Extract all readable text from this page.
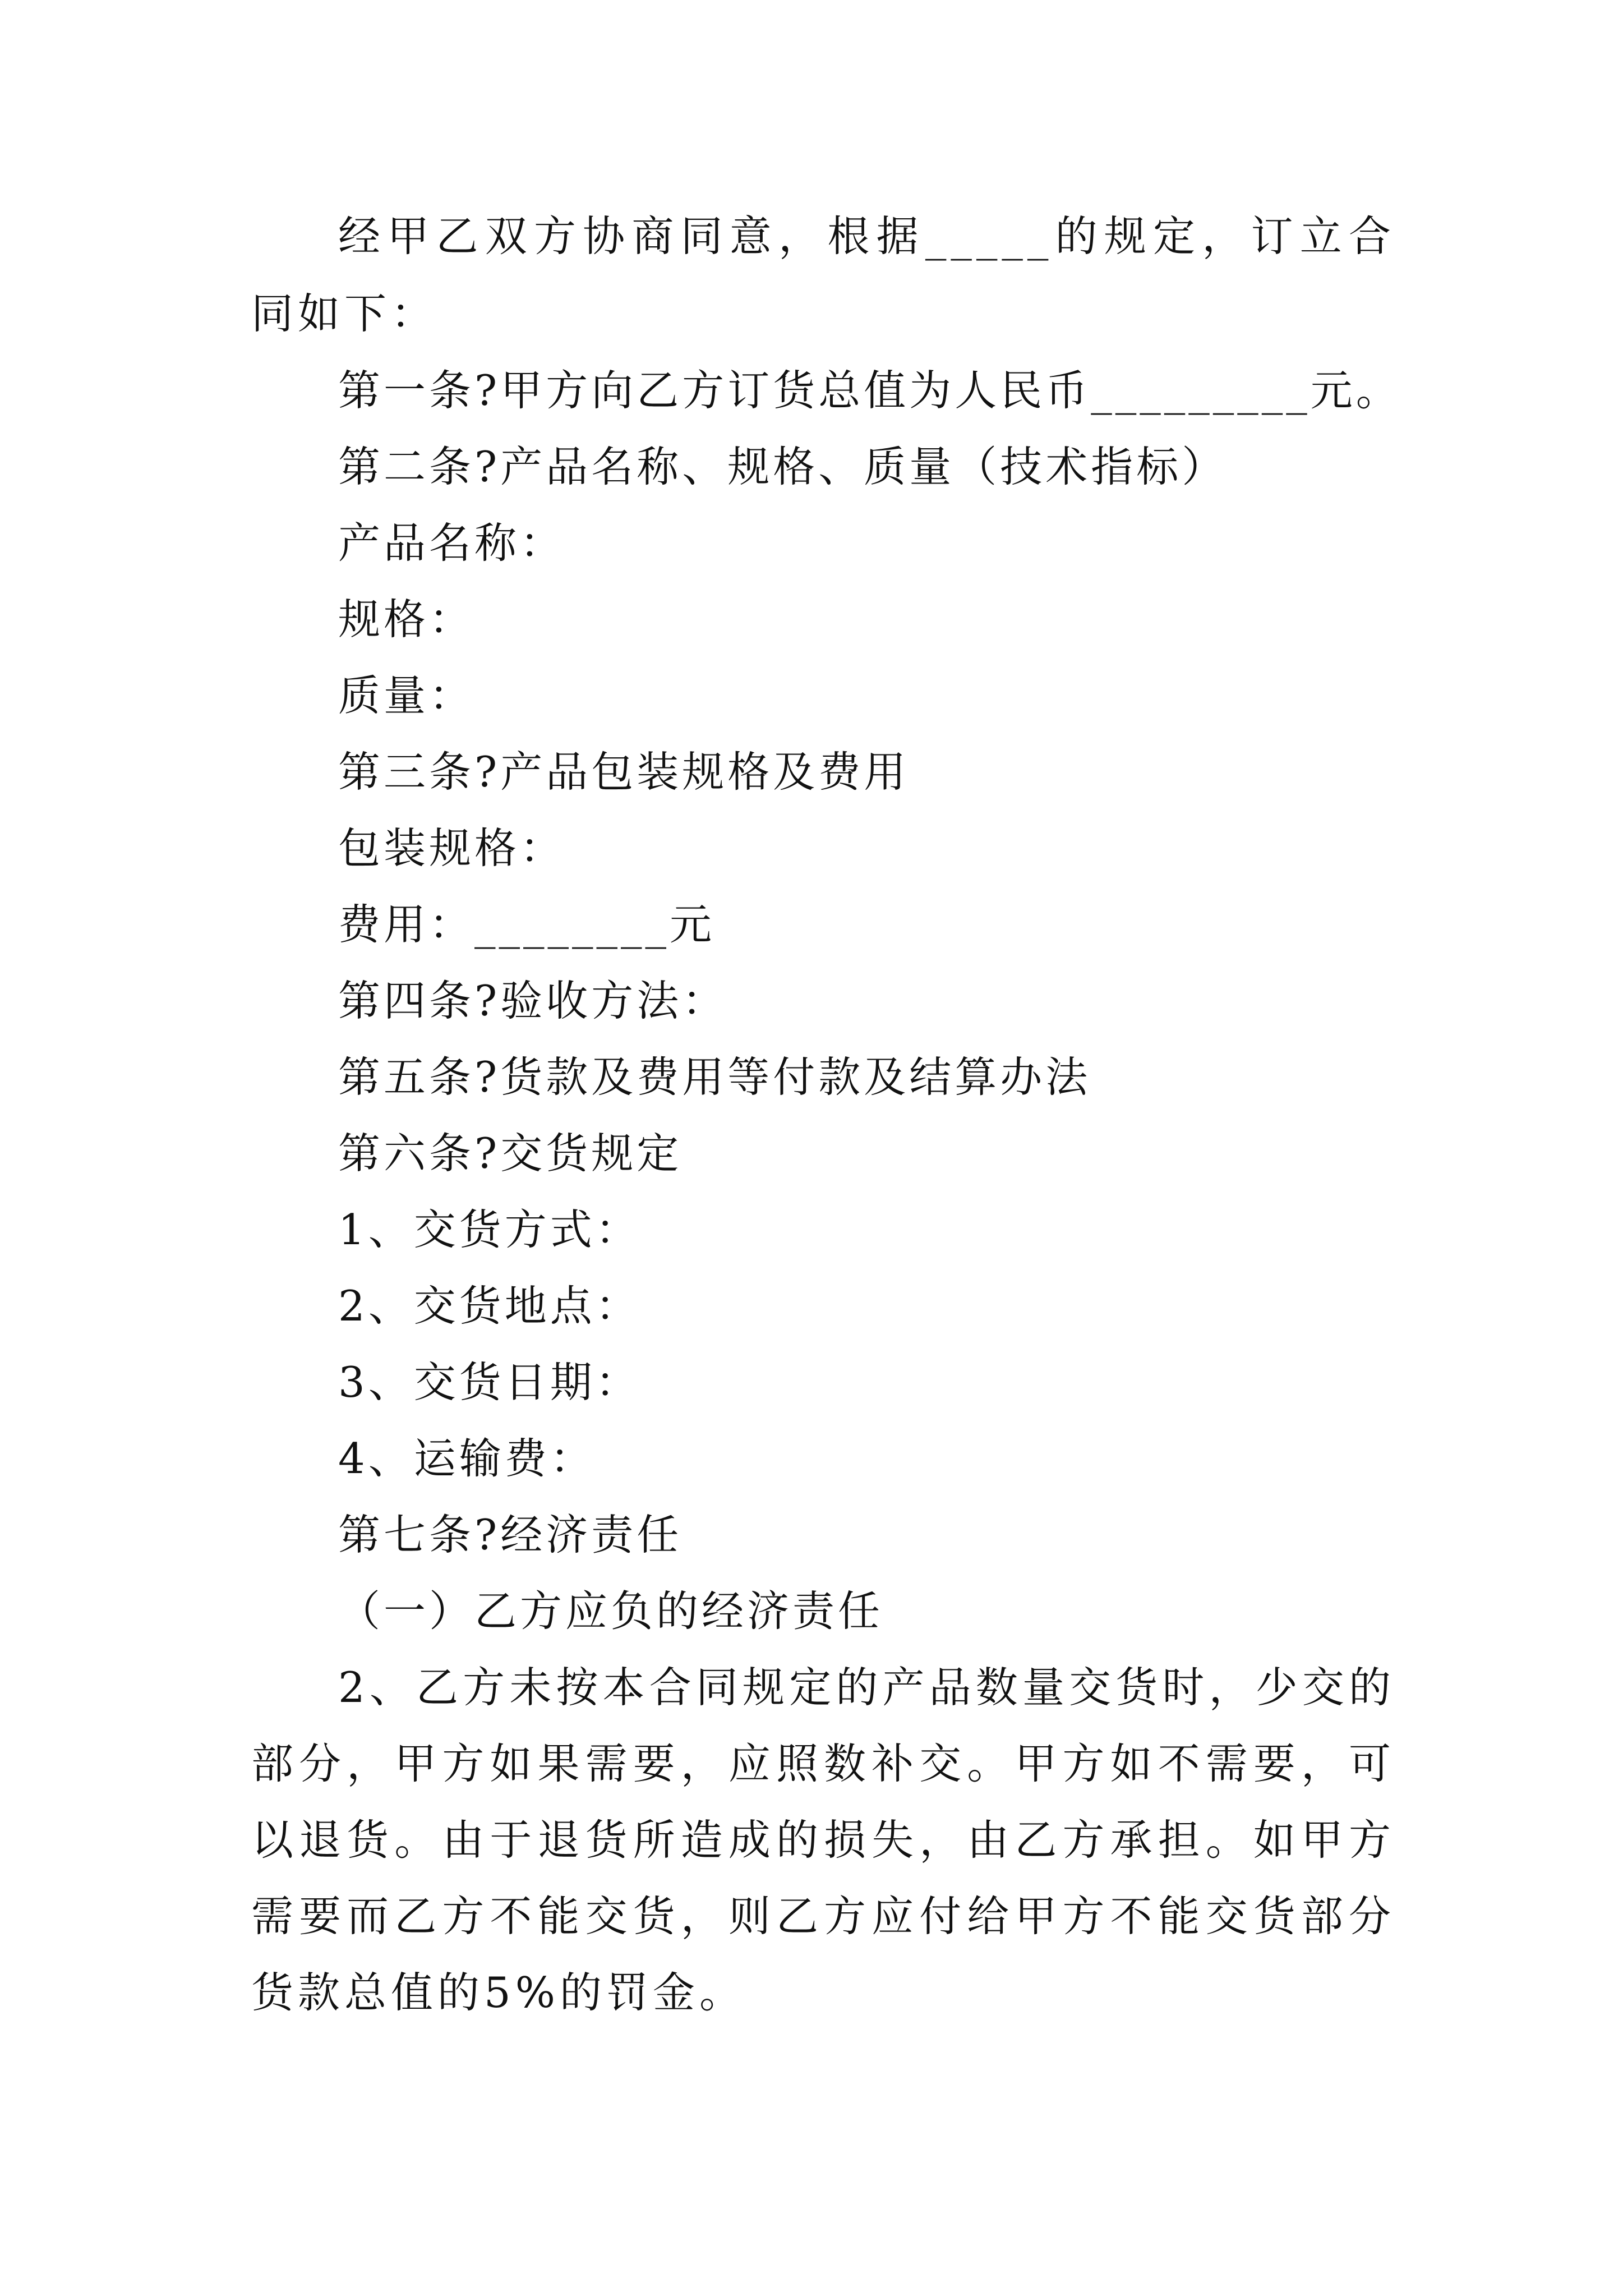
经甲乙双方协商同意，根据_____的规定，订立合同如下：
第一条?甲方向乙方订货总值为人民币_________元。
第二条?产品名称、规格、质量（技术指标）
产品名称：
规格：
质量：
第三条?产品包装规格及费用
包装规格：
费用：________元
第四条?验收方法：
第五条?货款及费用等付款及结算办法
第六条?交货规定
1、交货方式：
2、交货地点：
3、交货日期：
4、运输费：
第七条?经济责任
（一）乙方应负的经济责任
2、乙方未按本合同规定的产品数量交货时，少交的部分，甲方如果需要，应照数补交。甲方如不需要，可以退货。由于退货所造成的损失，由乙方承担。如甲方需要而乙方不能交货，则乙方应付给甲方不能交货部分货款总值的5%的罚金。
